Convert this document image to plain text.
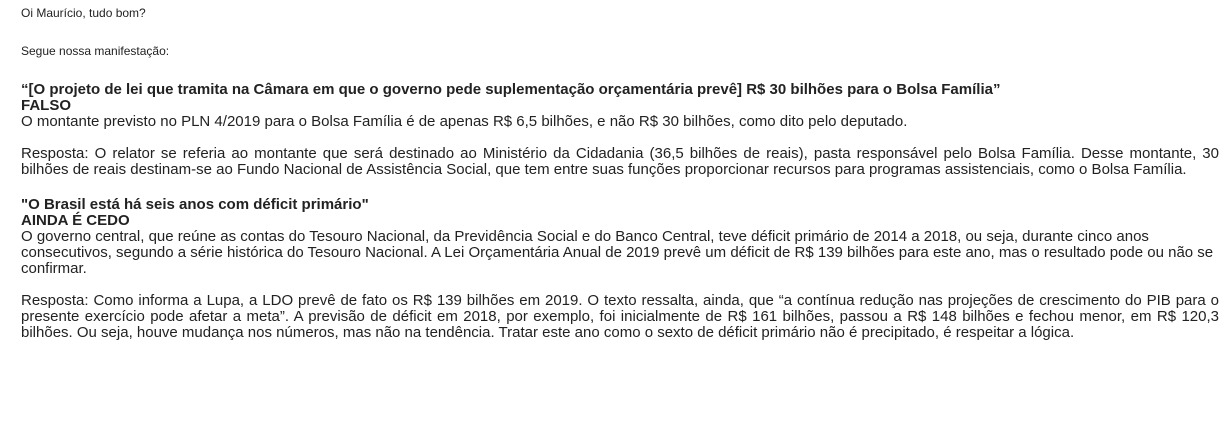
Oi Maurício, tudo bom?

Segue nossa manifestação:

“[O projeto de lei que tramita na Câmara em que o governo pede suplementação orçamentária prevê] R$ 30 bilhões para o Bolsa Família”

FALSO

O montante previsto no PLN 4/2019 para o Bolsa Família é de apenas R$ 6,5 bilhões, e não R$ 30 bilhões, como dito pelo deputado.

Resposta: O relator se referia ao montante que será destinado ao Ministério da Cidadania (36,5 bilhões de reais), pasta responsável pelo Bolsa Família. Desse montante, 30 bilhões de reais destinam-se ao Fundo Nacional de Assistência Social, que tem entre suas funções proporcionar recursos para programas assistenciais, como o Bolsa Família.

"O Brasil está há seis anos com déficit primário"

AINDA É CEDO

O governo central, que reúne as contas do Tesouro Nacional, da Previdência Social e do Banco Central, teve déficit primário de 2014 a 2018, ou seja, durante cinco anos consecutivos, segundo a série histórica do Tesouro Nacional. A Lei Orçamentária Anual de 2019 prevê um déficit de R$ 139 bilhões para este ano, mas o resultado pode ou não se confirmar.

Resposta: Como informa a Lupa, a LDO prevê de fato os R$ 139 bilhões em 2019. O texto ressalta, ainda, que “a contínua redução nas projeções de crescimento do PIB para o presente exercício pode afetar a meta”. A previsão de déficit em 2018, por exemplo, foi inicialmente de R$ 161 bilhões, passou a R$ 148 bilhões e fechou menor, em R$ 120,3 bilhões. Ou seja, houve mudança nos números, mas não na tendência. Tratar este ano como o sexto de déficit primário não é precipitado, é respeitar a lógica.
